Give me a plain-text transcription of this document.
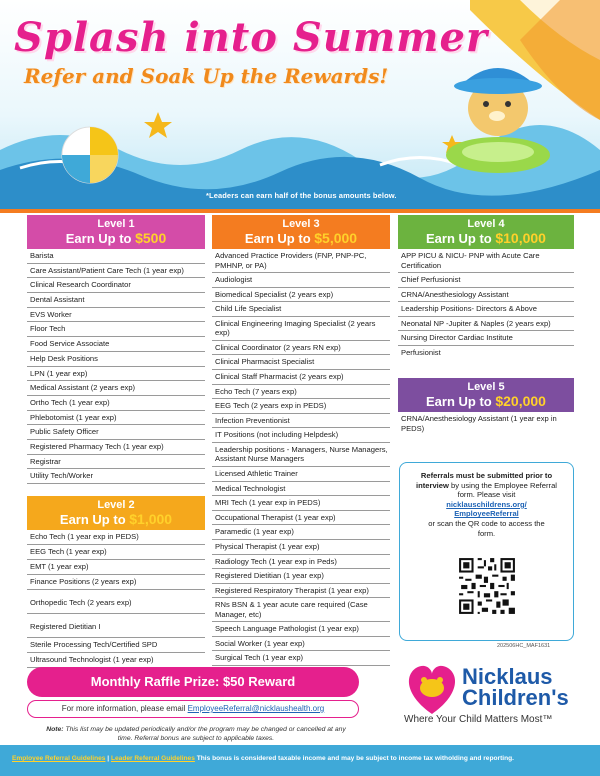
Splash into Summer
Refer and Soak Up the Rewards!
*Leaders can earn half of the bonus amounts below.
Level 1
Earn Up to $500
Barista
Care Assistant/Patient Care Tech (1 year exp)
Clinical Research Coordinator
Dental Assistant
EVS Worker
Floor Tech
Food Service Associate
Help Desk Positions
LPN (1 year exp)
Medical Assistant (2 years exp)
Ortho Tech (1 year exp)
Phlebotomist (1 year exp)
Public Safety Officer
Registered Pharmacy Tech (1 year exp)
Registrar
Utility Tech/Worker
Level 2
Earn Up to $1,000
Echo Tech (1 year exp in PEDS)
EEG Tech (1 year exp)
EMT (1 year exp)
Finance Positions (2 years exp)
Orthopedic Tech (2 years exp)
Registered Dietitian I
Sterile Processing Tech/Certified SPD
Ultrasound Technologist (1 year exp)
Level 3
Earn Up to $5,000
Advanced Practice Providers (FNP, PNP-PC, PMHNP, or PA)
Audiologist
Biomedical Specialist (2 years exp)
Child Life Specialist
Clinical Engineering Imaging Specialist (2 years exp)
Clinical Coordinator (2 years RN exp)
Clinical Pharmacist Specialist
Clinical Staff Pharmacist (2 years exp)
Echo Tech (7 years exp)
EEG Tech (2 years exp in PEDS)
Infection Preventionist
IT Positions (not including Helpdesk)
Leadership positions - Managers, Nurse Managers, Assistant Nurse Managers
Licensed Athletic Trainer
Medical Technologist
MRI Tech (1 year exp in PEDS)
Occupational Therapist (1 year exp)
Paramedic (1 year exp)
Physical Therapist (1 year exp)
Radiology Tech (1 year exp in Peds)
Registered Dietitian (1 year exp)
Registered Respiratory Therapist (1 year exp)
RNs BSN & 1 year acute care required (Case Manager, etc)
Speech Language Pathologist (1 year exp)
Social Worker (1 year exp)
Surgical Tech (1 year exp)
Level 4
Earn Up to $10,000
APP PICU & NICU- PNP with Acute Care Certification
Chief Perfusionist
CRNA/Anesthesiology Assistant
Leadership Positions- Directors & Above
Neonatal NP -Jupiter & Naples (2 years exp)
Nursing Director Cardiac Institute
Perfusionist
Level 5
Earn Up to $20,000
CRNA/Anesthesiology Assistant (1 year exp in PEDS)

Referrals must be submitted prior to interview by using the Employee Referral form. Please visit

nicklauschildrens.org/

EmployeeReferral

or scan the QR code to access the form.

202506HC_MAF1631
Monthly Raffle Prize: $50 Reward
For more information, please email EmployeeReferral@nicklaushealth.org
Note: This list may be updated periodically and/or the program may be changed or cancelled at any time. Referral bonus are subject to applicable taxes.
Nicklaus
Children's
Where Your Child Matters Most™
Employee Referral Guidelines | Leader Referral Guidelines This bonus is considered taxable income and may be subject to income tax witholding and reporting.
